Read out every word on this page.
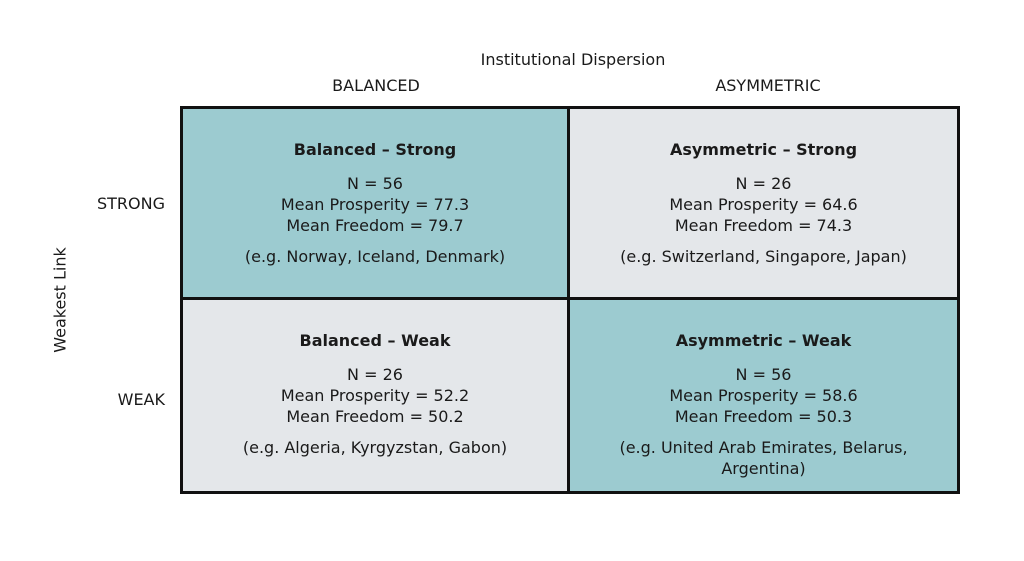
Institutional Dispersion
BALANCED	ASYMMETRIC
Weakest Link
STRONG
WEAK
Balanced – Strong
N = 56
Mean Prosperity = 77.3
Mean Freedom = 79.7
(e.g. Norway, Iceland, Denmark)
Asymmetric – Strong
N = 26
Mean Prosperity = 64.6
Mean Freedom = 74.3
(e.g. Switzerland, Singapore, Japan)
Balanced – Weak
N = 26
Mean Prosperity = 52.2
Mean Freedom = 50.2
(e.g. Algeria, Kyrgyzstan, Gabon)
Asymmetric – Weak
N = 56
Mean Prosperity = 58.6
Mean Freedom = 50.3
(e.g. United Arab Emirates, Belarus, Argentina)
